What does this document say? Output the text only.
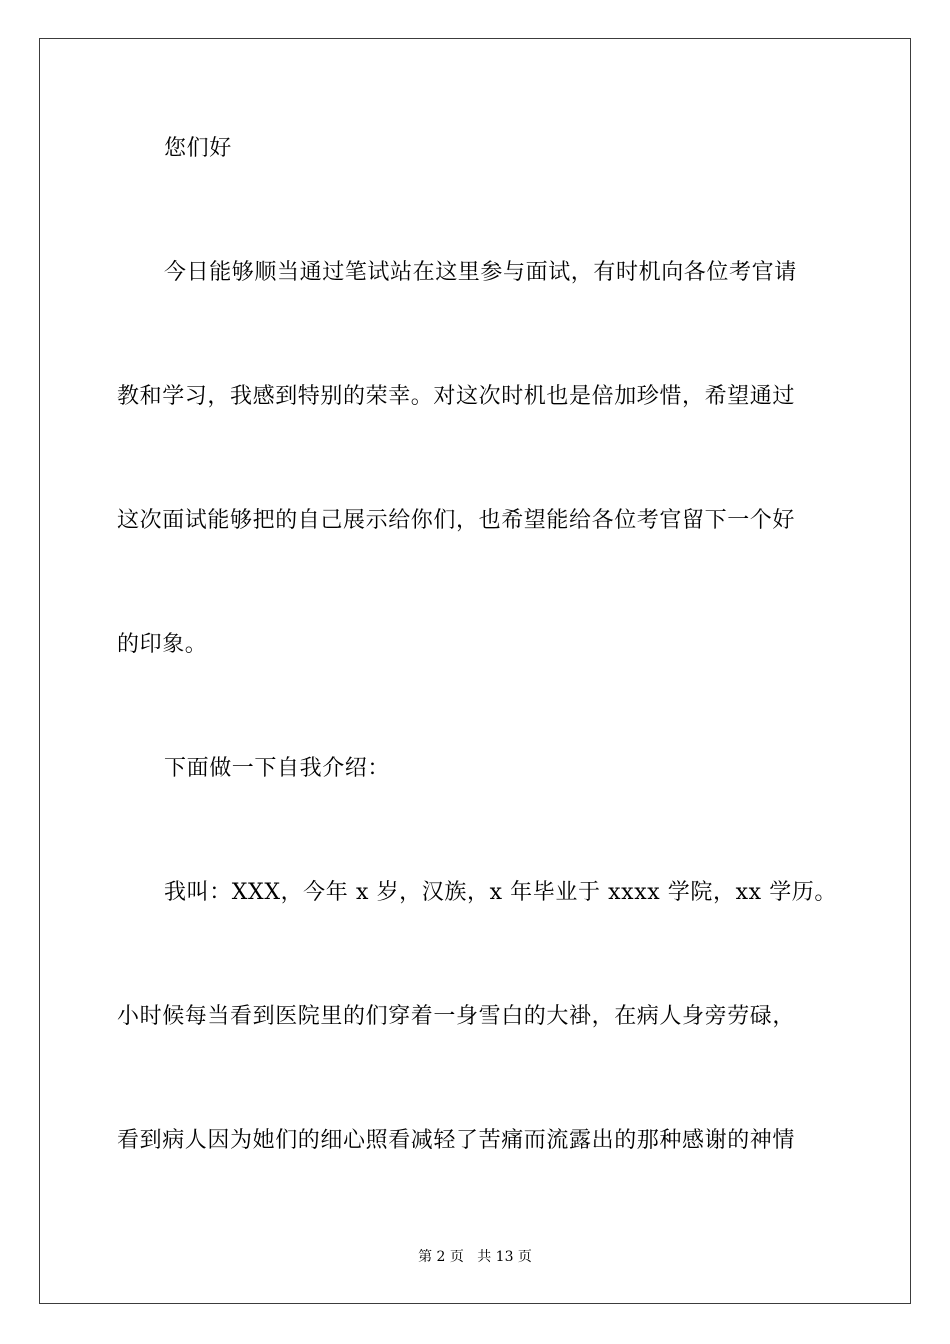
您们好
今日能够顺当通过笔试站在这里参与面试，有时机向各位考官请
教和学习，我感到特别的荣幸。对这次时机也是倍加珍惜，希望通过
这次面试能够把的自己展示给你们，也希望能给各位考官留下一个好
的印象。
下面做一下自我介绍：
我叫：XXX，今年 x 岁，汉族，x 年毕业于 xxxx 学院，xx 学历。
小时候每当看到医院里的们穿着一身雪白的大褂，在病人身旁劳碌，
看到病人因为她们的细心照看减轻了苦痛而流露出的那种感谢的神情
第 2 页   共 13 页
